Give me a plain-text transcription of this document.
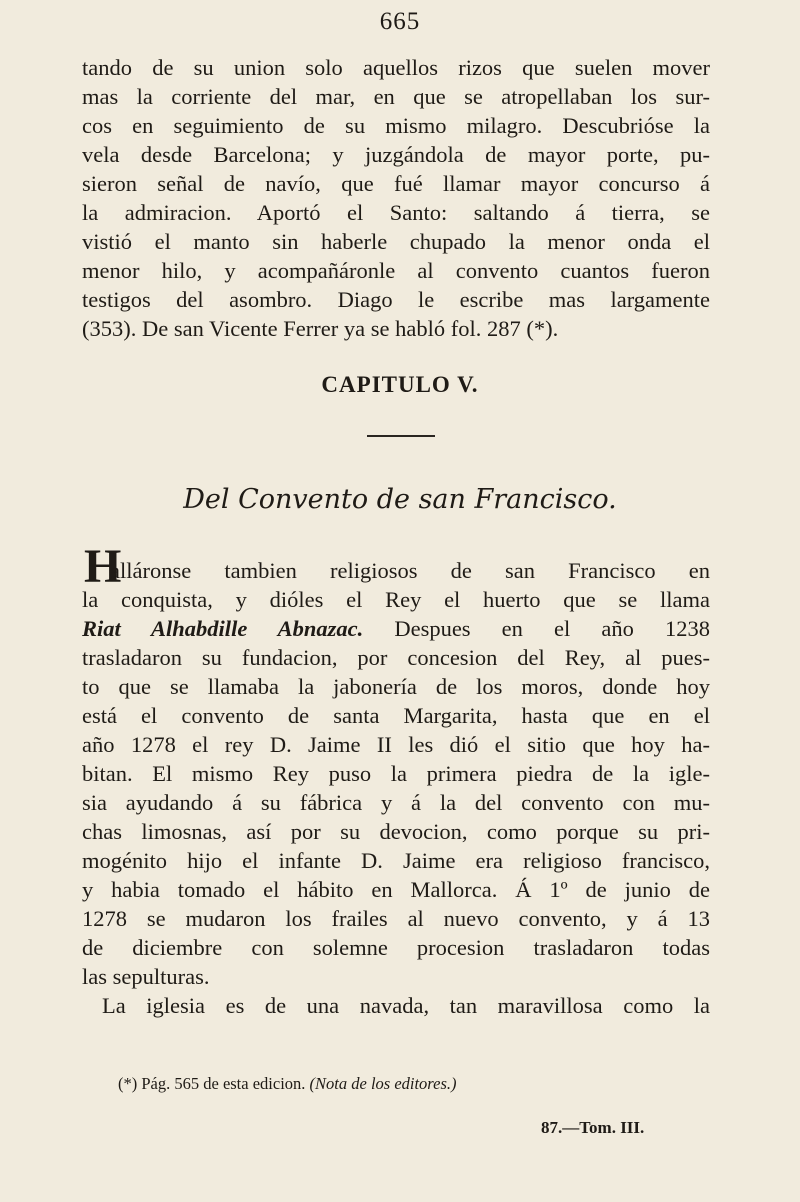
665
tando de su union solo aquellos rizos que suelen mover
mas la corriente del mar, en que se atropellaban los sur-
cos en seguimiento de su mismo milagro. Descubrióse la
vela desde Barcelona; y juzgándola de mayor porte, pu-
sieron señal de navío, que fué llamar mayor concurso á
la admiracion. Aportó el Santo: saltando á tierra, se
vistió el manto sin haberle chupado la menor onda el
menor hilo, y acompañáronle al convento cuantos fueron
testigos del asombro. Diago le escribe mas largamente
(353). De san Vicente Ferrer ya se habló fol. 287 (*).
CAPITULO V.
Del Convento de san Francisco.
H
alláronse tambien religiosos de san Francisco en
la conquista, y dióles el Rey el huerto que se llama
Riat Alhabdille Abnazac. Despues en el año 1238
trasladaron su fundacion, por concesion del Rey, al pues-
to que se llamaba la jabonería de los moros, donde hoy
está el convento de santa Margarita, hasta que en el
año 1278 el rey D. Jaime II les dió el sitio que hoy ha-
bitan. El mismo Rey puso la primera piedra de la igle-
sia ayudando á su fábrica y á la del convento con mu-
chas limosnas, así por su devocion, como porque su pri-
mogénito hijo el infante D. Jaime era religioso francisco,
y habia tomado el hábito en Mallorca. Á 1º de junio de
1278 se mudaron los frailes al nuevo convento, y á 13
de diciembre con solemne procesion trasladaron todas
las sepulturas.
La iglesia es de una navada, tan maravillosa como la
(*) Pág. 565 de esta edicion. (Nota de los editores.)
87.—Tom. III.
